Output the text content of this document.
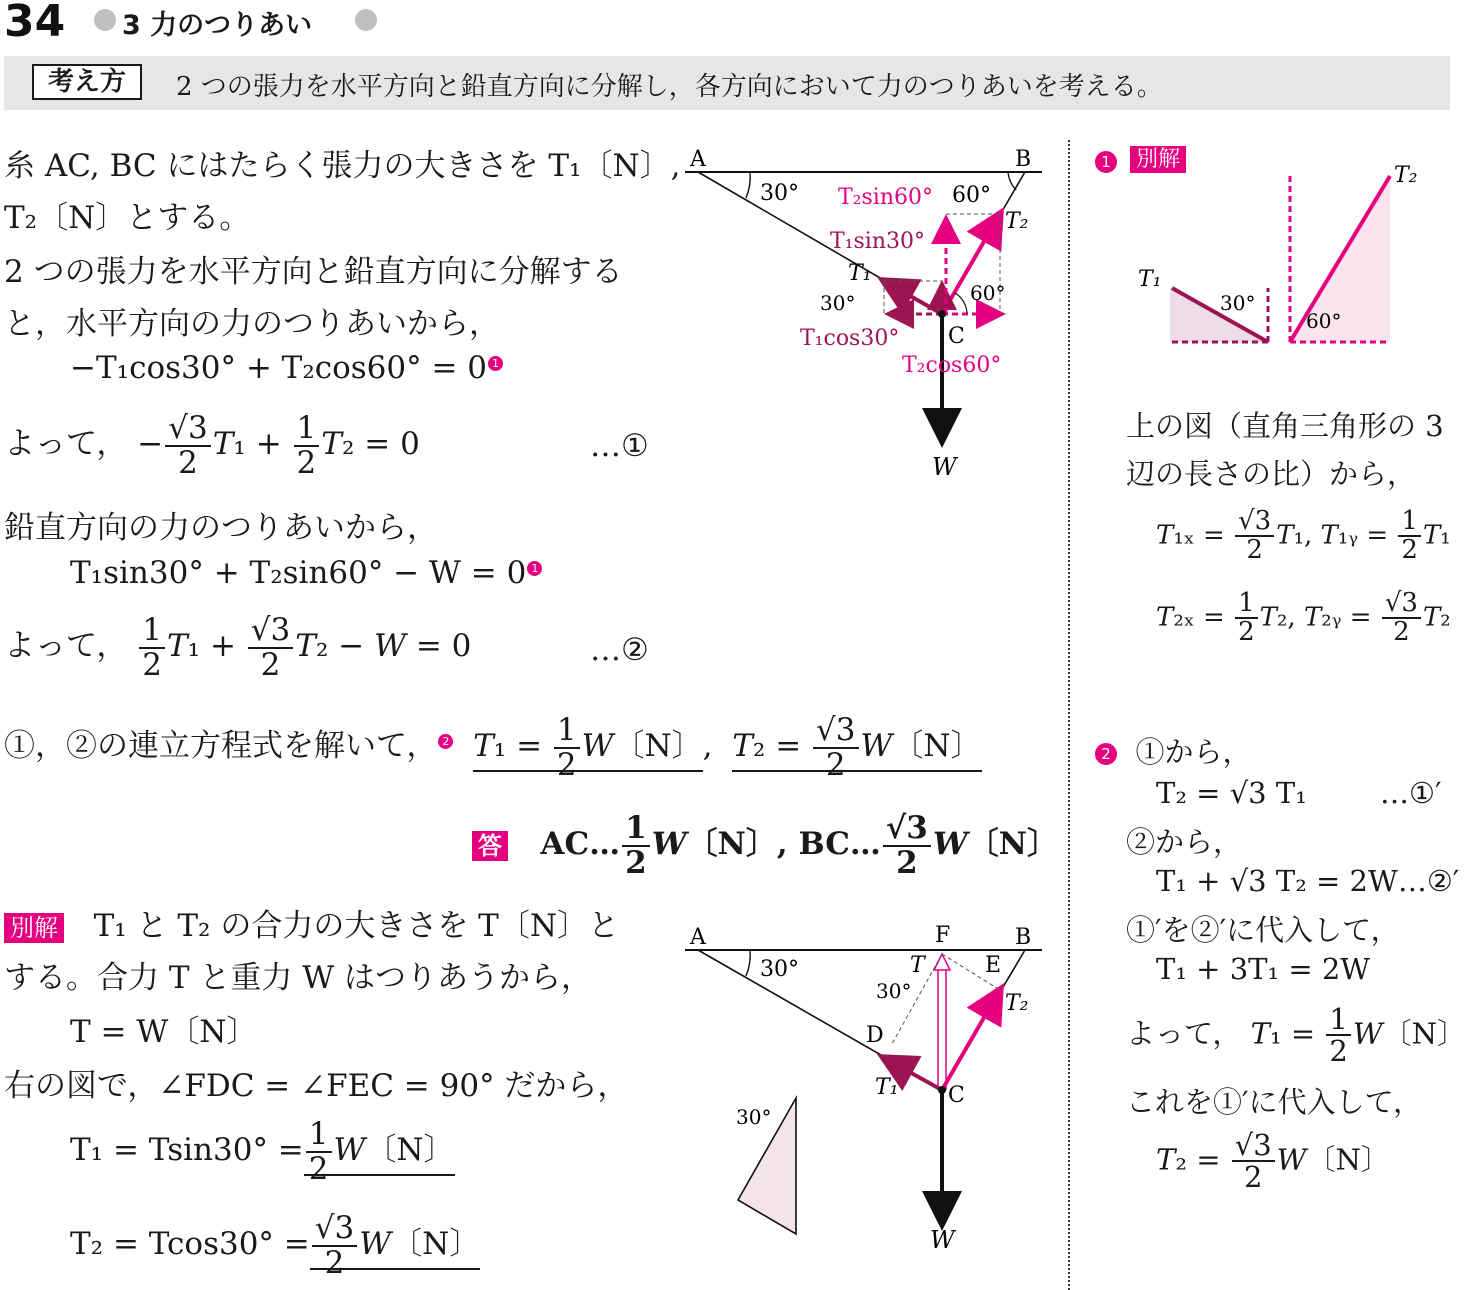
34 3 力のつりあい
考え方	2 つの張力を水平方向と鉛直方向に分解し，各方向において力のつりあいを考える。
糸 AC, BC にはたらく張力の大きさを T₁〔N〕,
T₂〔N〕とする。
2 つの張力を水平方向と鉛直方向に分解する
と，水平方向の力のつりあいから，
−T₁cos30° + T₂cos60° = 0 1
よって， − $\frac{√3}{2} T_1 + \frac{1}{2} T_2 = 0$	…①
鉛直方向の力のつりあいから，
T₁sin30° + T₂sin60° − W = 0 1
よって， $\frac{1}{2} T_1 + \frac{√3}{2} T_2 - W = 0$	…②
①，②の連立方程式を解いて， 2 $T_1 = \frac{1}{2}$ W〔N〕,  $T_2 = \frac{√3}{2}$ W〔N〕
答 AC… $\frac{1}{2}$ W〔N〕, BC… $\frac{√3}{2}$ W〔N〕
別解 T₁ と T₂ の合力の大きさを T〔N〕と
する。合力 T と重力 W はつりあうから，
T = W〔N〕
右の図で，∠FDC = ∠FEC = 90° だから，
$T_1 = Tsin30^\circ = \frac{1}{2}$ W〔N〕
$T_2 = Tcos30^\circ = \frac{√3}{2}$ W〔N〕
A	B
30°	60°
C
W
T₁
T₂
T₂sin60°
T₁sin30°
30°	60°
T₁cos30°
T₂cos60°
A	F	B
30°	T	E
30°	T₂
D
T₁ C
W
30°
1 別解
T₁
T₂
30°
60°
上の図（直角三角形の 3
辺の長さの比）から，
$T_{1x} = \frac{√3}{2} T_1$, T₁ᵧ = $\frac{1}{2} T_1$
$T_{2x} = \frac{1}{2} T_2$, T₂ᵧ = $\frac{√3}{2} T_2$
2 ①から，
T₂ = √3 T₁	…①′
②から，
T₁ + √3 T₂ = 2W…②′
①′を②′に代入して，
T₁ + 3T₁ = 2W
よって， $T_1 = \frac{1}{2}$ W〔N〕
これを①′に代入して，
$T_2 = \frac{√3}{2}$ W〔N〕
